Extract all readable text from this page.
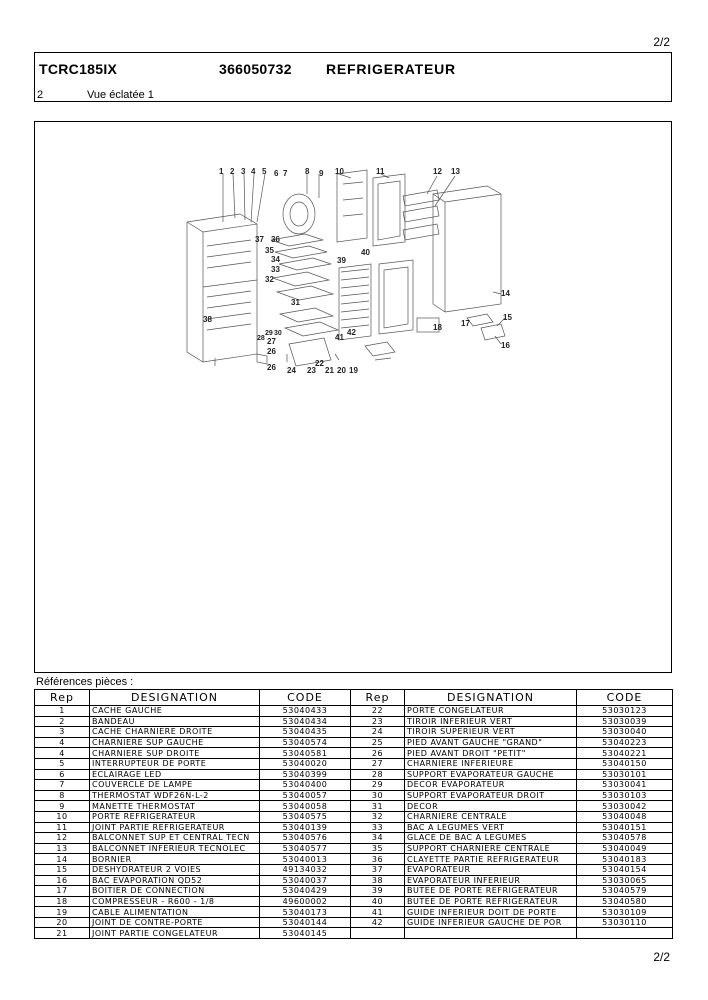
2/2
TCRC185IX	366050732 REFRIGERATEUR
2	Vue éclatée 1
1 2 3 4 5 6 7 8 9 10	11	12 13
37 36
35
34
40
39
33
32
14
31
15
38	17
18
42
29 30
28 27	41
16
26
22
26 24 23 21 20 19
Références pièces :
Rep	DESIGNATION	CODE	Rep	DESIGNATION	CODE
1	CACHE GAUCHE	53040433	22	PORTE CONGELATEUR	53030123
2	BANDEAU	53040434	23	TIROIR INFERIEUR VERT	53030039
3	CACHE CHARNIERE DROITE	53040435	24	TIROIR SUPERIEUR VERT	53030040
4	CHARNIERE SUP GAUCHE	53040574	25	PIED AVANT GAUCHE "GRAND"	53040223
4	CHARNIERE SUP DROITE	53040581	26	PIED AVANT DROIT "PETIT"	53040221
5	INTERRUPTEUR DE PORTE	53040020	27	CHARNIERE INFERIEURE	53040150
6	ECLAIRAGE LED	53040399	28	SUPPORT EVAPORATEUR GAUCHE	53030101
7	COUVERCLE DE LAMPE	53040400	29	DECOR EVAPORATEUR	53030041
8	THERMOSTAT WDF26N-L-2	53040057	30	SUPPORT EVAPORATEUR DROIT	53030103
9	MANETTE THERMOSTAT	53040058	31	DECOR	53030042
10	PORTE REFRIGERATEUR	53040575	32	CHARNIERE CENTRALE	53040048
11	JOINT PARTIE REFRIGERATEUR	53040139	33	BAC A LEGUMES VERT	53040151
12	BALCONNET SUP ET CENTRAL TECN	53040576	34	GLACE DE BAC A LEGUMES	53040578
13	BALCONNET INFERIEUR TECNOLEC	53040577	35	SUPPORT CHARNIERE CENTRALE	53040049
14	BORNIER	53040013	36	CLAYETTE PARTIE REFRIGERATEUR	53040183
15	DESHYDRATEUR 2 VOIES	49134032	37	EVAPORATEUR	53040154
16	BAC EVAPORATION QD52	53040037	38	EVAPORATEUR INFERIEUR	53030065
17	BOITIER DE CONNECTION	53040429	39	BUTEE DE PORTE REFRIGERATEUR	53040579
18	COMPRESSEUR - R600 - 1/8	49600002	40	BUTEE DE PORTE REFRIGERATEUR	53040580
19	CABLE ALIMENTATION	53040173	41	GUIDE INFERIEUR DOIT DE PORTE	53030109
20	JOINT DE CONTRE-PORTE	53040144	42	GUIDE INFERIEUR GAUCHE DE POR	53030110
21	JOINT PARTIE CONGELATEUR	53040145			
2/2
